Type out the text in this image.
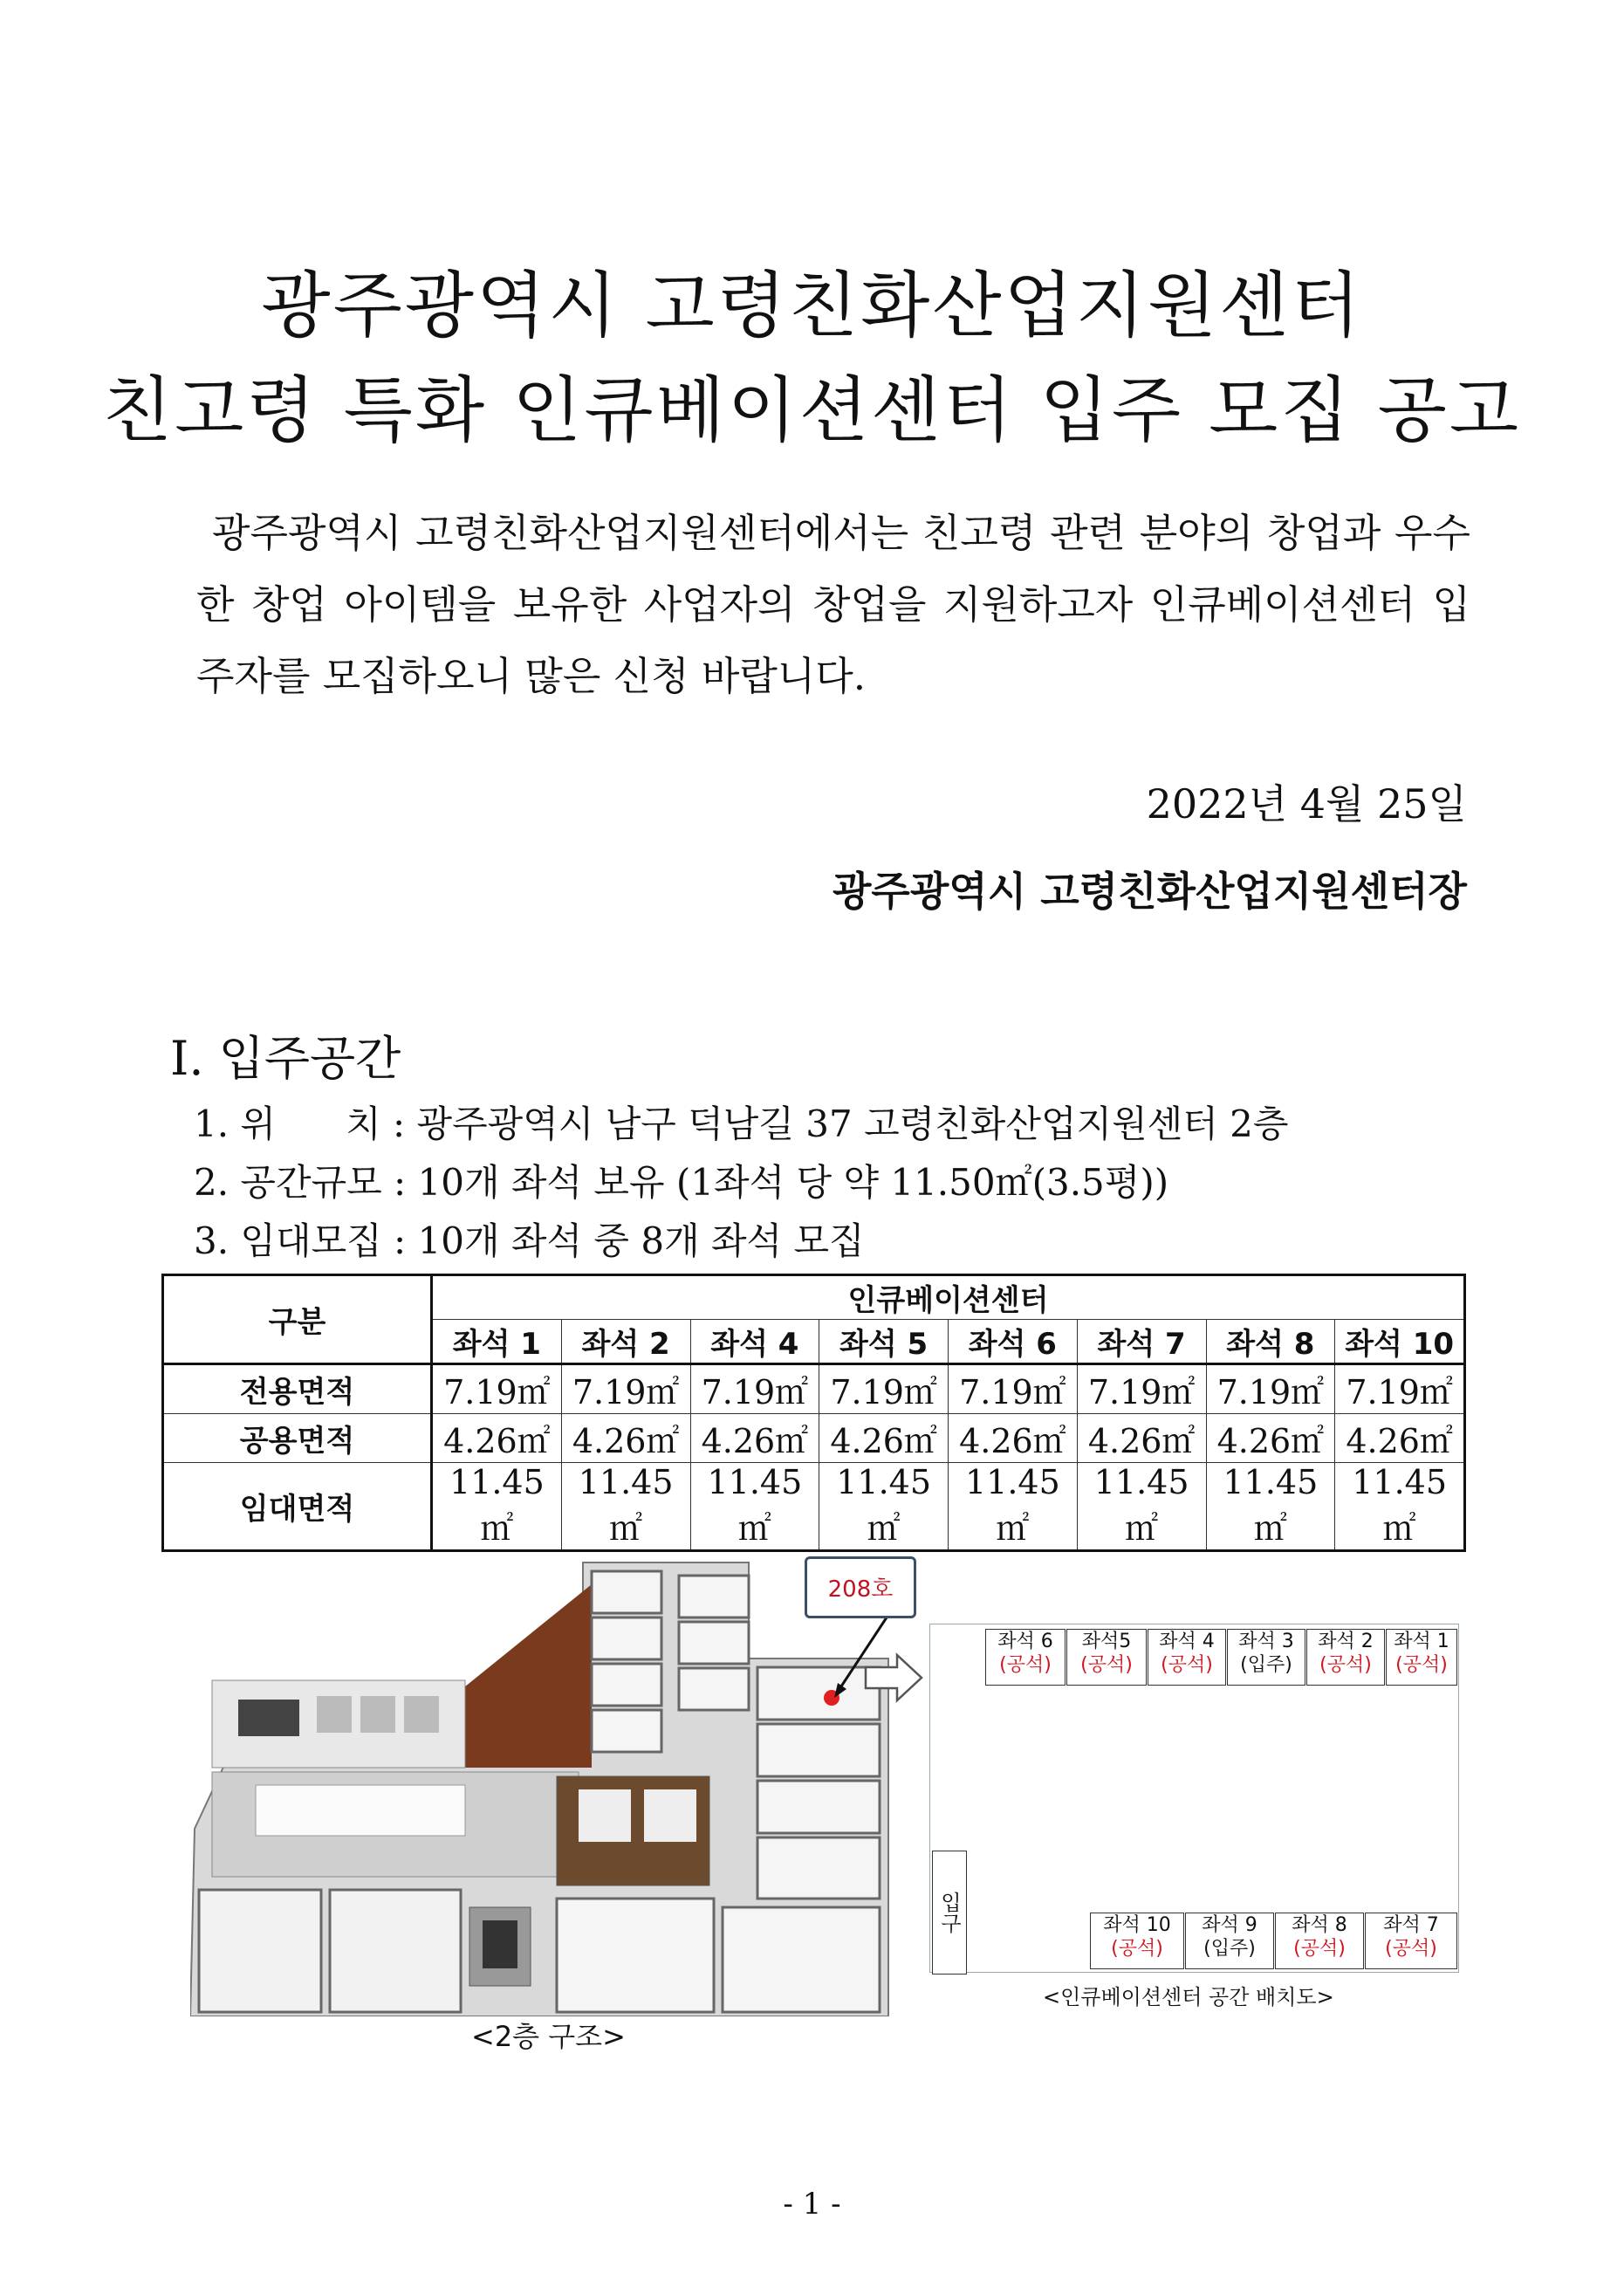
광주광역시 고령친화산업지원센터
친고령 특화 인큐베이션센터 입주 모집 공고
광주광역시 고령친화산업지원센터에서는 친고령 관련 분야의 창업과 우수한 창업 아이템을 보유한 사업자의 창업을 지원하고자 인큐베이션센터 입주자를 모집하오니 많은 신청 바랍니다.
2022년 4월 25일
광주광역시 고령친화산업지원센터장
Ⅰ. 입주공간
1. 위      치 : 광주광역시 남구 덕남길 37 고령친화산업지원센터 2층
2. 공간규모 : 10개 좌석 보유 (1좌석 당 약 11.50㎡(3.5평))
3. 임대모집 : 10개 좌석 중 8개 좌석 모집
구분	인큐베이션센터							
	좌석 1	좌석 2	좌석 4	좌석 5	좌석 6	좌석 7	좌석 8	좌석 10
전용면적	7.19㎡	7.19㎡	7.19㎡	7.19㎡	7.19㎡	7.19㎡	7.19㎡	7.19㎡
공용면적	4.26㎡	4.26㎡	4.26㎡	4.26㎡	4.26㎡	4.26㎡	4.26㎡	4.26㎡
임대면적	11.45㎡	11.45㎡	11.45㎡	11.45㎡	11.45㎡	11.45㎡	11.45㎡	11.45㎡
208호
<2층 구조>
좌석 6
(공석)
좌석5
(공석)
좌석 4
(공석)
좌석 3
(입주)
좌석 2
(공석)
좌석 1
(공석)
좌석 10
(공석)
좌석 9
(입주)
좌석 8
(공석)
좌석 7
(공석)
입구
<인큐베이션센터 공간 배치도>
- 1 -
